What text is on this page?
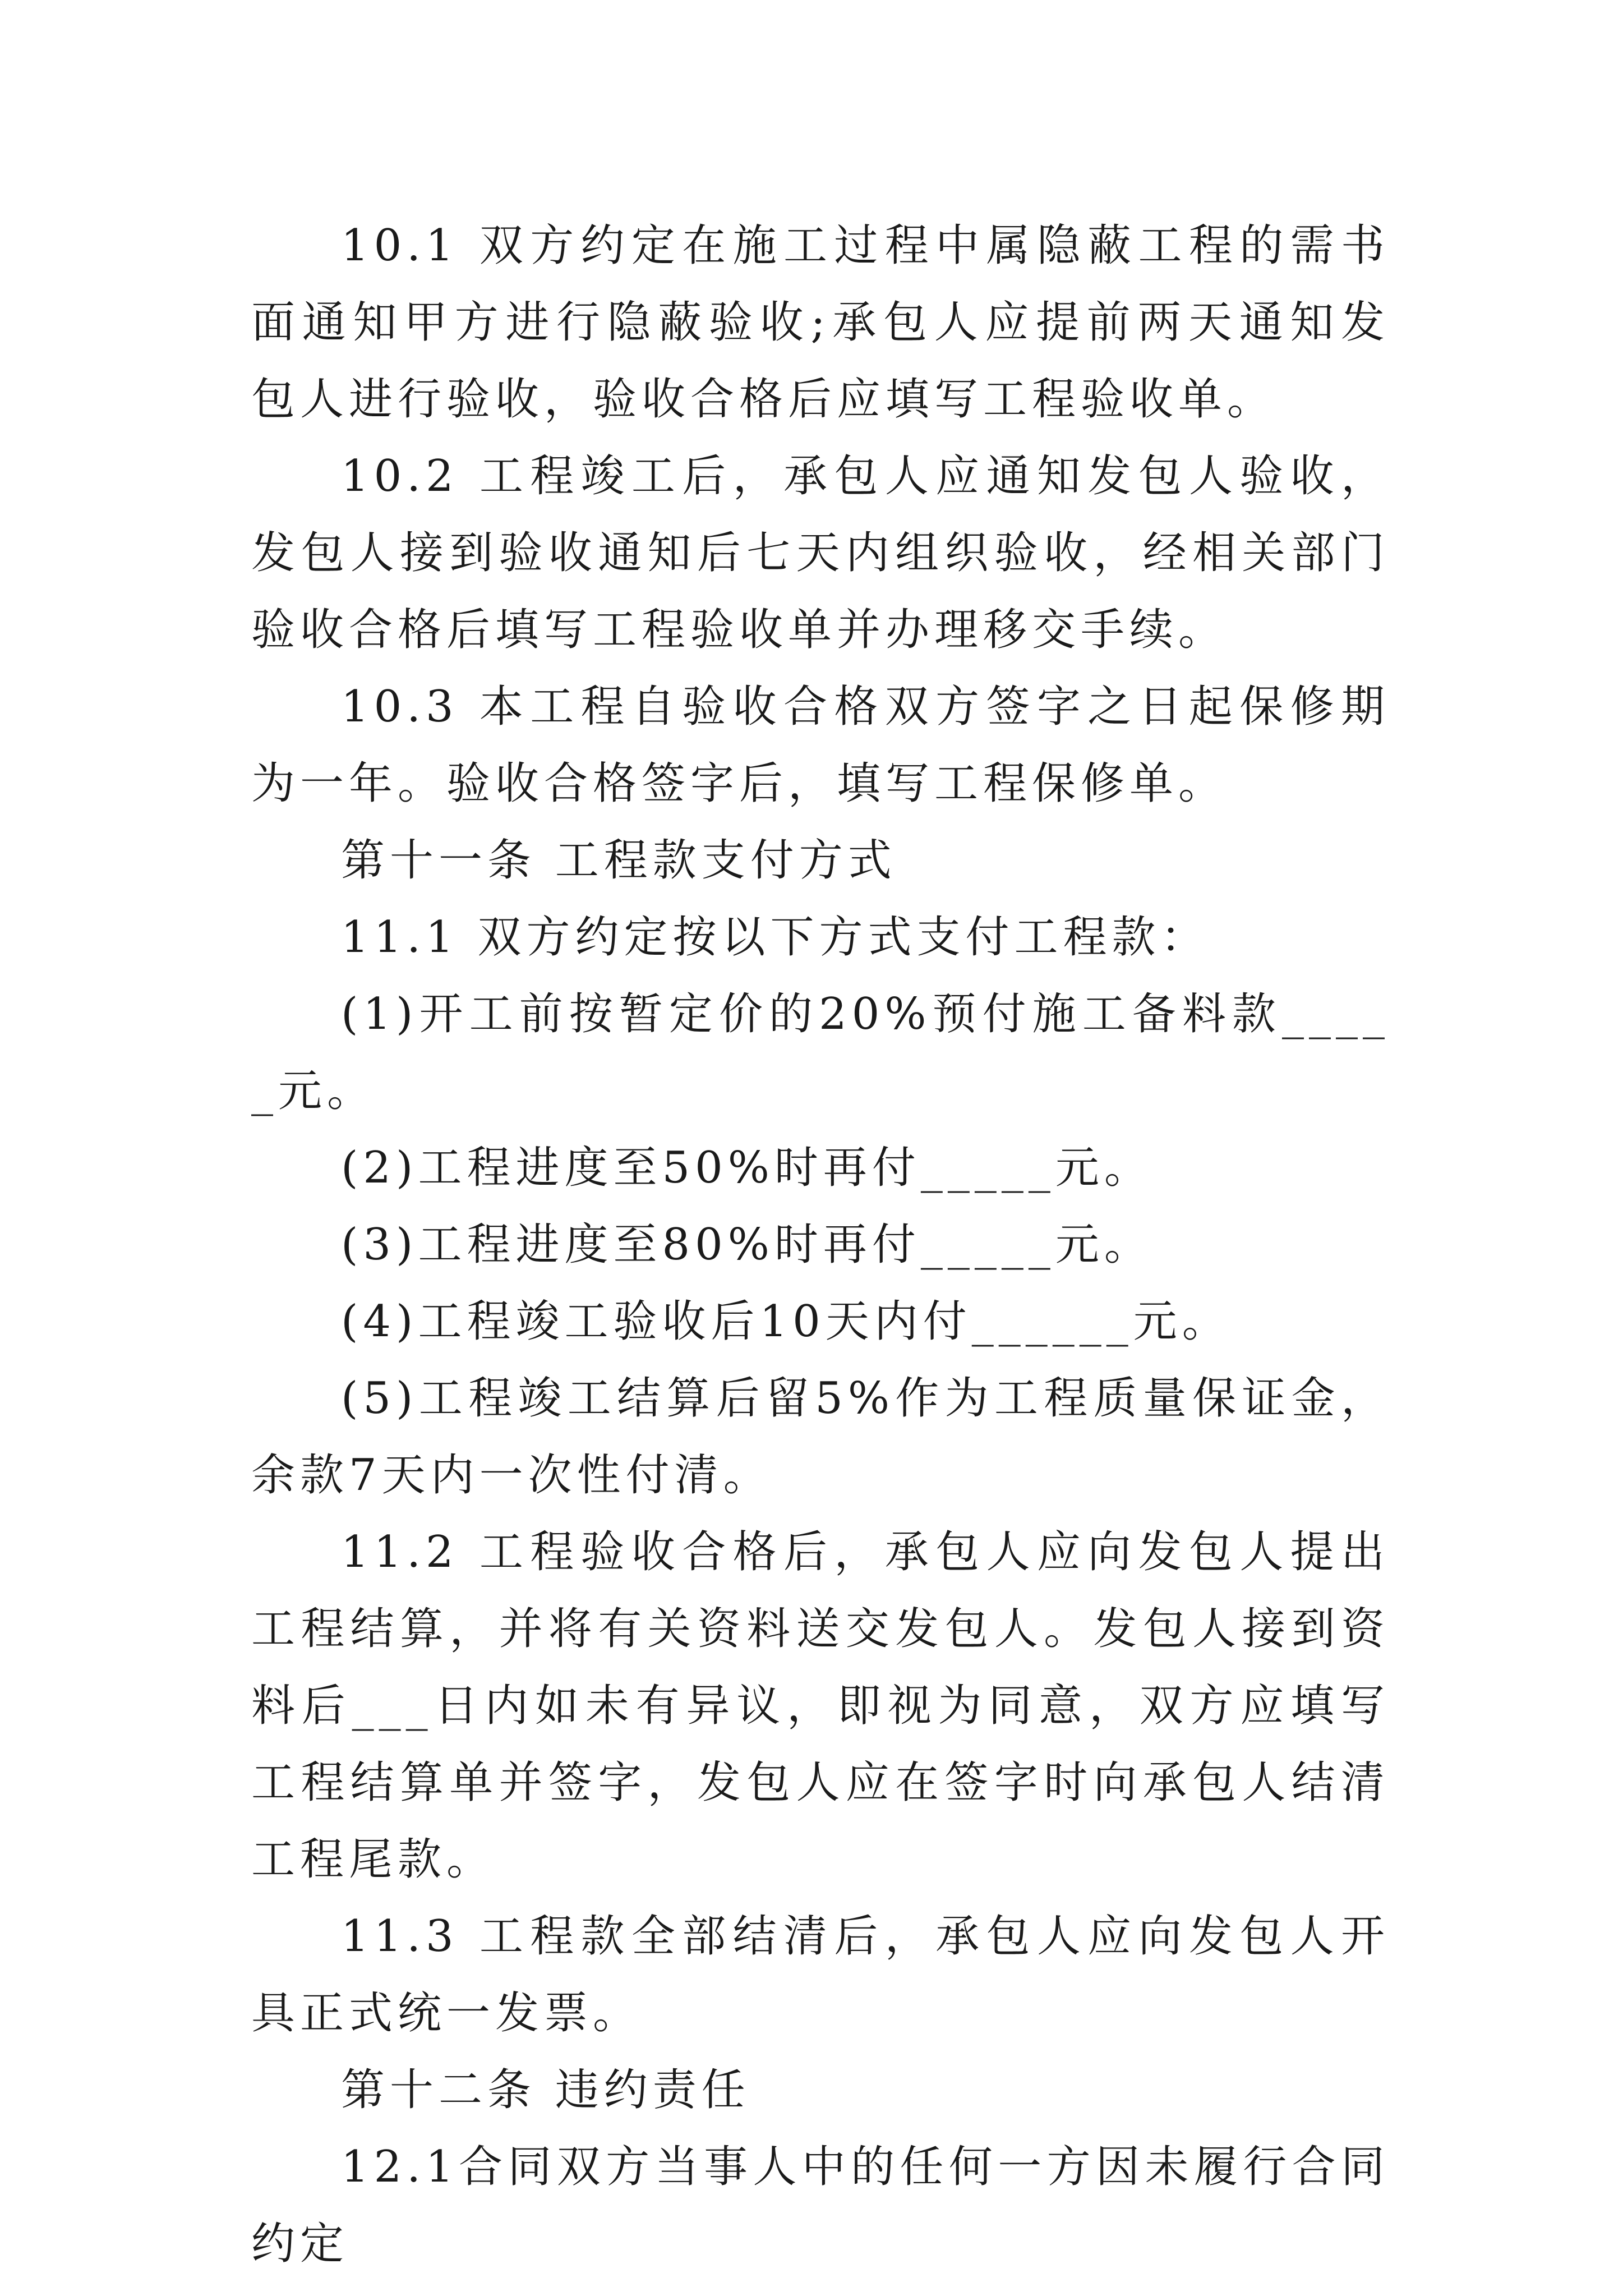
10.1 双方约定在施工过程中属隐蔽工程的需书面通知甲方进行隐蔽验收;承包人应提前两天通知发包人进行验收，验收合格后应填写工程验收单。

10.2 工程竣工后，承包人应通知发包人验收，发包人接到验收通知后七天内组织验收，经相关部门验收合格后填写工程验收单并办理移交手续。

10.3 本工程自验收合格双方签字之日起保修期为一年。验收合格签字后，填写工程保修单。

第十一条 工程款支付方式

11.1 双方约定按以下方式支付工程款：

(1)开工前按暂定价的20%预付施工备料款_____元。

(2)工程进度至50%时再付_____元。

(3)工程进度至80%时再付_____元。

(4)工程竣工验收后10天内付______元。

(5)工程竣工结算后留5%作为工程质量保证金，余款7天内一次性付清。

11.2 工程验收合格后，承包人应向发包人提出工程结算，并将有关资料送交发包人。发包人接到资料后___日内如未有异议，即视为同意，双方应填写工程结算单并签字，发包人应在签字时向承包人结清工程尾款。

11.3 工程款全部结清后，承包人应向发包人开具正式统一发票。

第十二条 违约责任

12.1合同双方当事人中的任何一方因未履行合同约定
